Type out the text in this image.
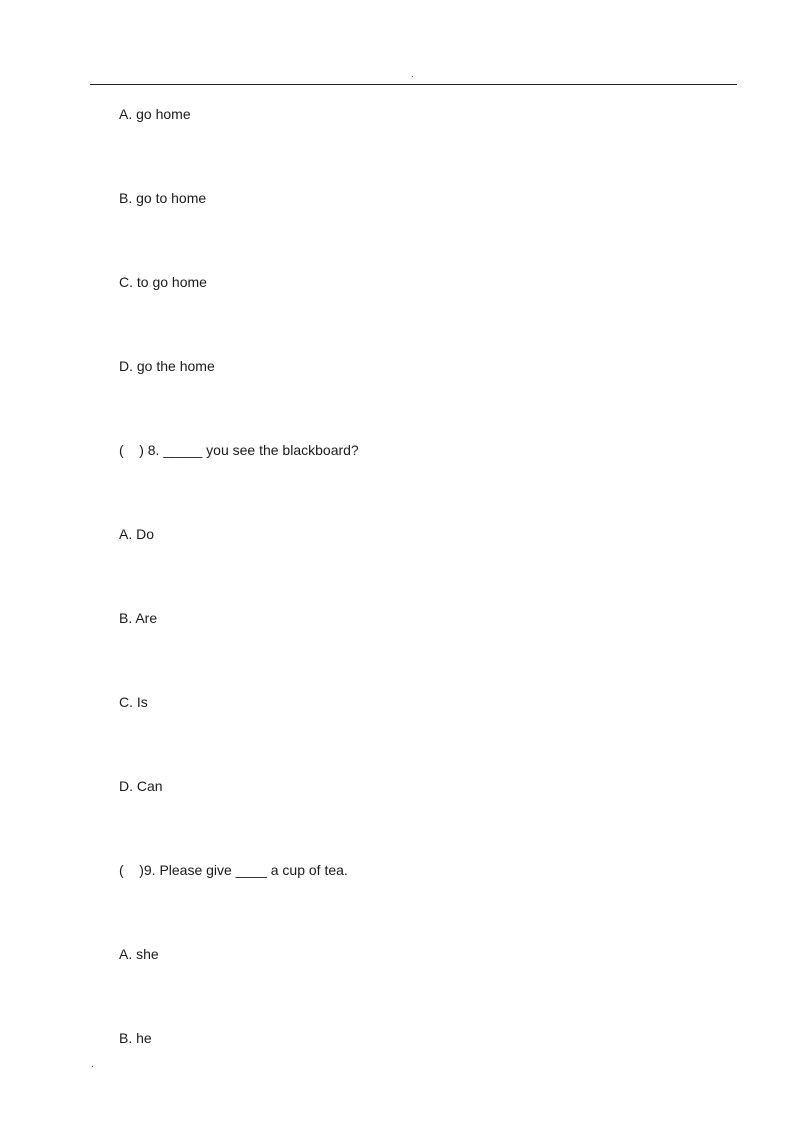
.
A. go home
B. go to home
C. to go home
D. go the home
(    ) 8. _____ you see the blackboard?
A. Do
B. Are
C. Is
D. Can
(    )9. Please give ____ a cup of tea.
A. she
B. he
.
